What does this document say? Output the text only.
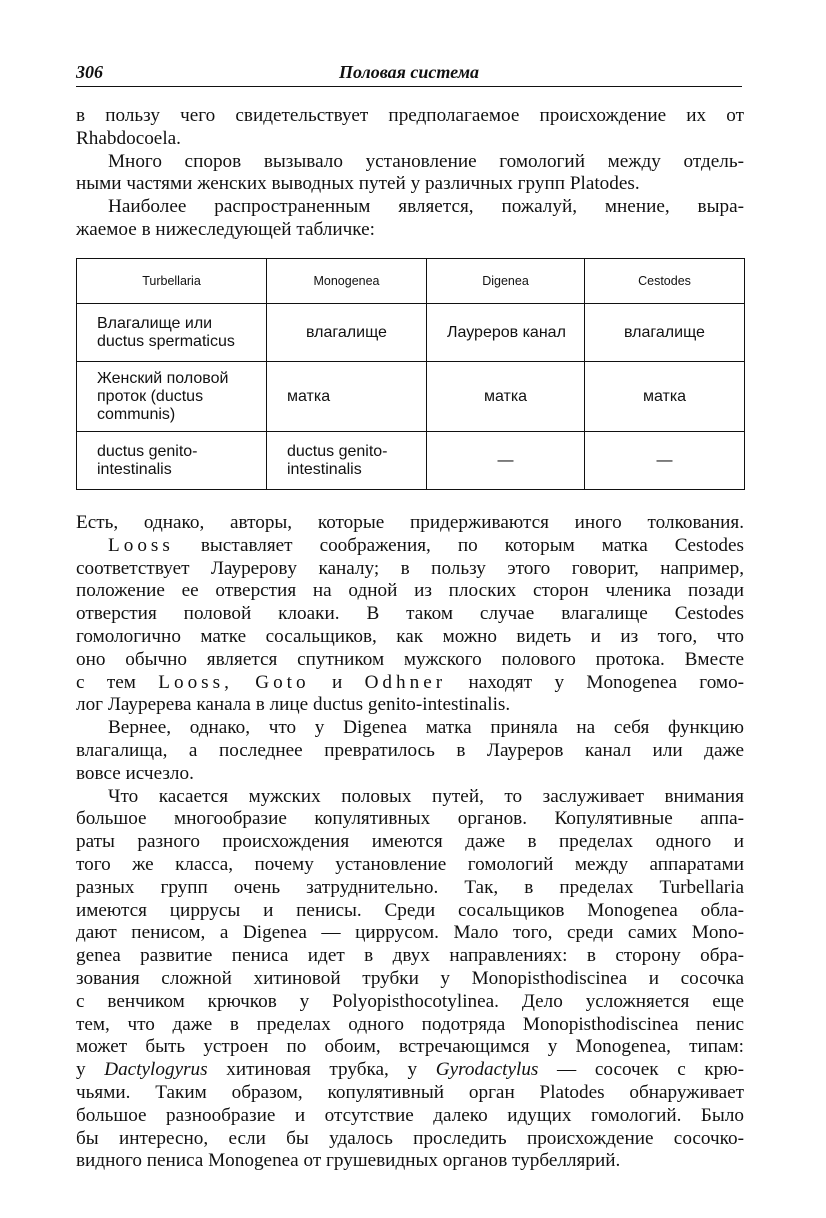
306	Половая система
в пользу чего свидетельствует предполагаемое происхождение их от
Rhabdocoela.
Много споров вызывало установление гомологий между отдель-
ными частями женских выводных путей у различных групп Platodes.
Наиболее распространенным является, пожалуй, мнение, выра-
жаемое в нижеследующей табличке:
Turbellaria	Monogenea	Digenea	Cestodes
Влагалище или ductus spermaticus	влагалище	Лауреров канал	влагалище
Женский половой проток (ductus communis)	матка	матка	матка
ductus genito-intestinalis	ductus genito-intestinalis	—	—
Есть, однако, авторы, которые придерживаются иного толкования.
Looss выставляет соображения, по которым матка Cestodes
соответствует Лауреровy каналу; в пользу этого говорит, например,
положение ее отверстия на одной из плоских сторон членика позади
отверстия половой клоаки. В таком случае влагалище Cestodes
гомологично матке сосальщиков, как можно видеть и из того, что
оно обычно является спутником мужского полового протока. Вместе
с тем Looss, Goto и Odhner находят у Monogenea гомо-
лог Лауререва канала в лице ductus genito-intestinalis.
Вернее, однако, что у Digenea матка приняла на себя функцию
влагалища, а последнее превратилось в Лауреров канал или даже
вовсе исчезло.
Что касается мужских половых путей, то заслуживает внимания
большое многообразие копулятивных органов. Копулятивные аппа-
раты разного происхождения имеются даже в пределах одного и
того же класса, почему установление гомологий между аппаратами
разных групп очень затруднительно. Так, в пределах Turbellaria
имеются циррусы и пенисы. Среди сосальщиков Monogenea обла-
дают пенисом, а Digenea — циррусом. Мало того, среди самих Mono-
genea развитие пениса идет в двух направлениях: в сторону обра-
зования сложной хитиновой трубки у Monopisthodiscinea и сосочка
с венчиком крючков у Polyopisthocotylinea. Дело усложняется еще
тем, что даже в пределах одного подотряда Monopisthodiscinea пенис
может быть устроен по обоим, встречающимся у Monogenea, типам:
у Dactylogyrus хитиновая трубка, у Gyrodactylus — сосочек с крю-
чьями. Таким образом, копулятивный орган Platodes обнаруживает
большое разнообразие и отсутствие далеко идущих гомологий. Было
бы интересно, если бы удалось проследить происхождение сосочко-
видного пениса Monogenea от грушевидных органов турбеллярий.
